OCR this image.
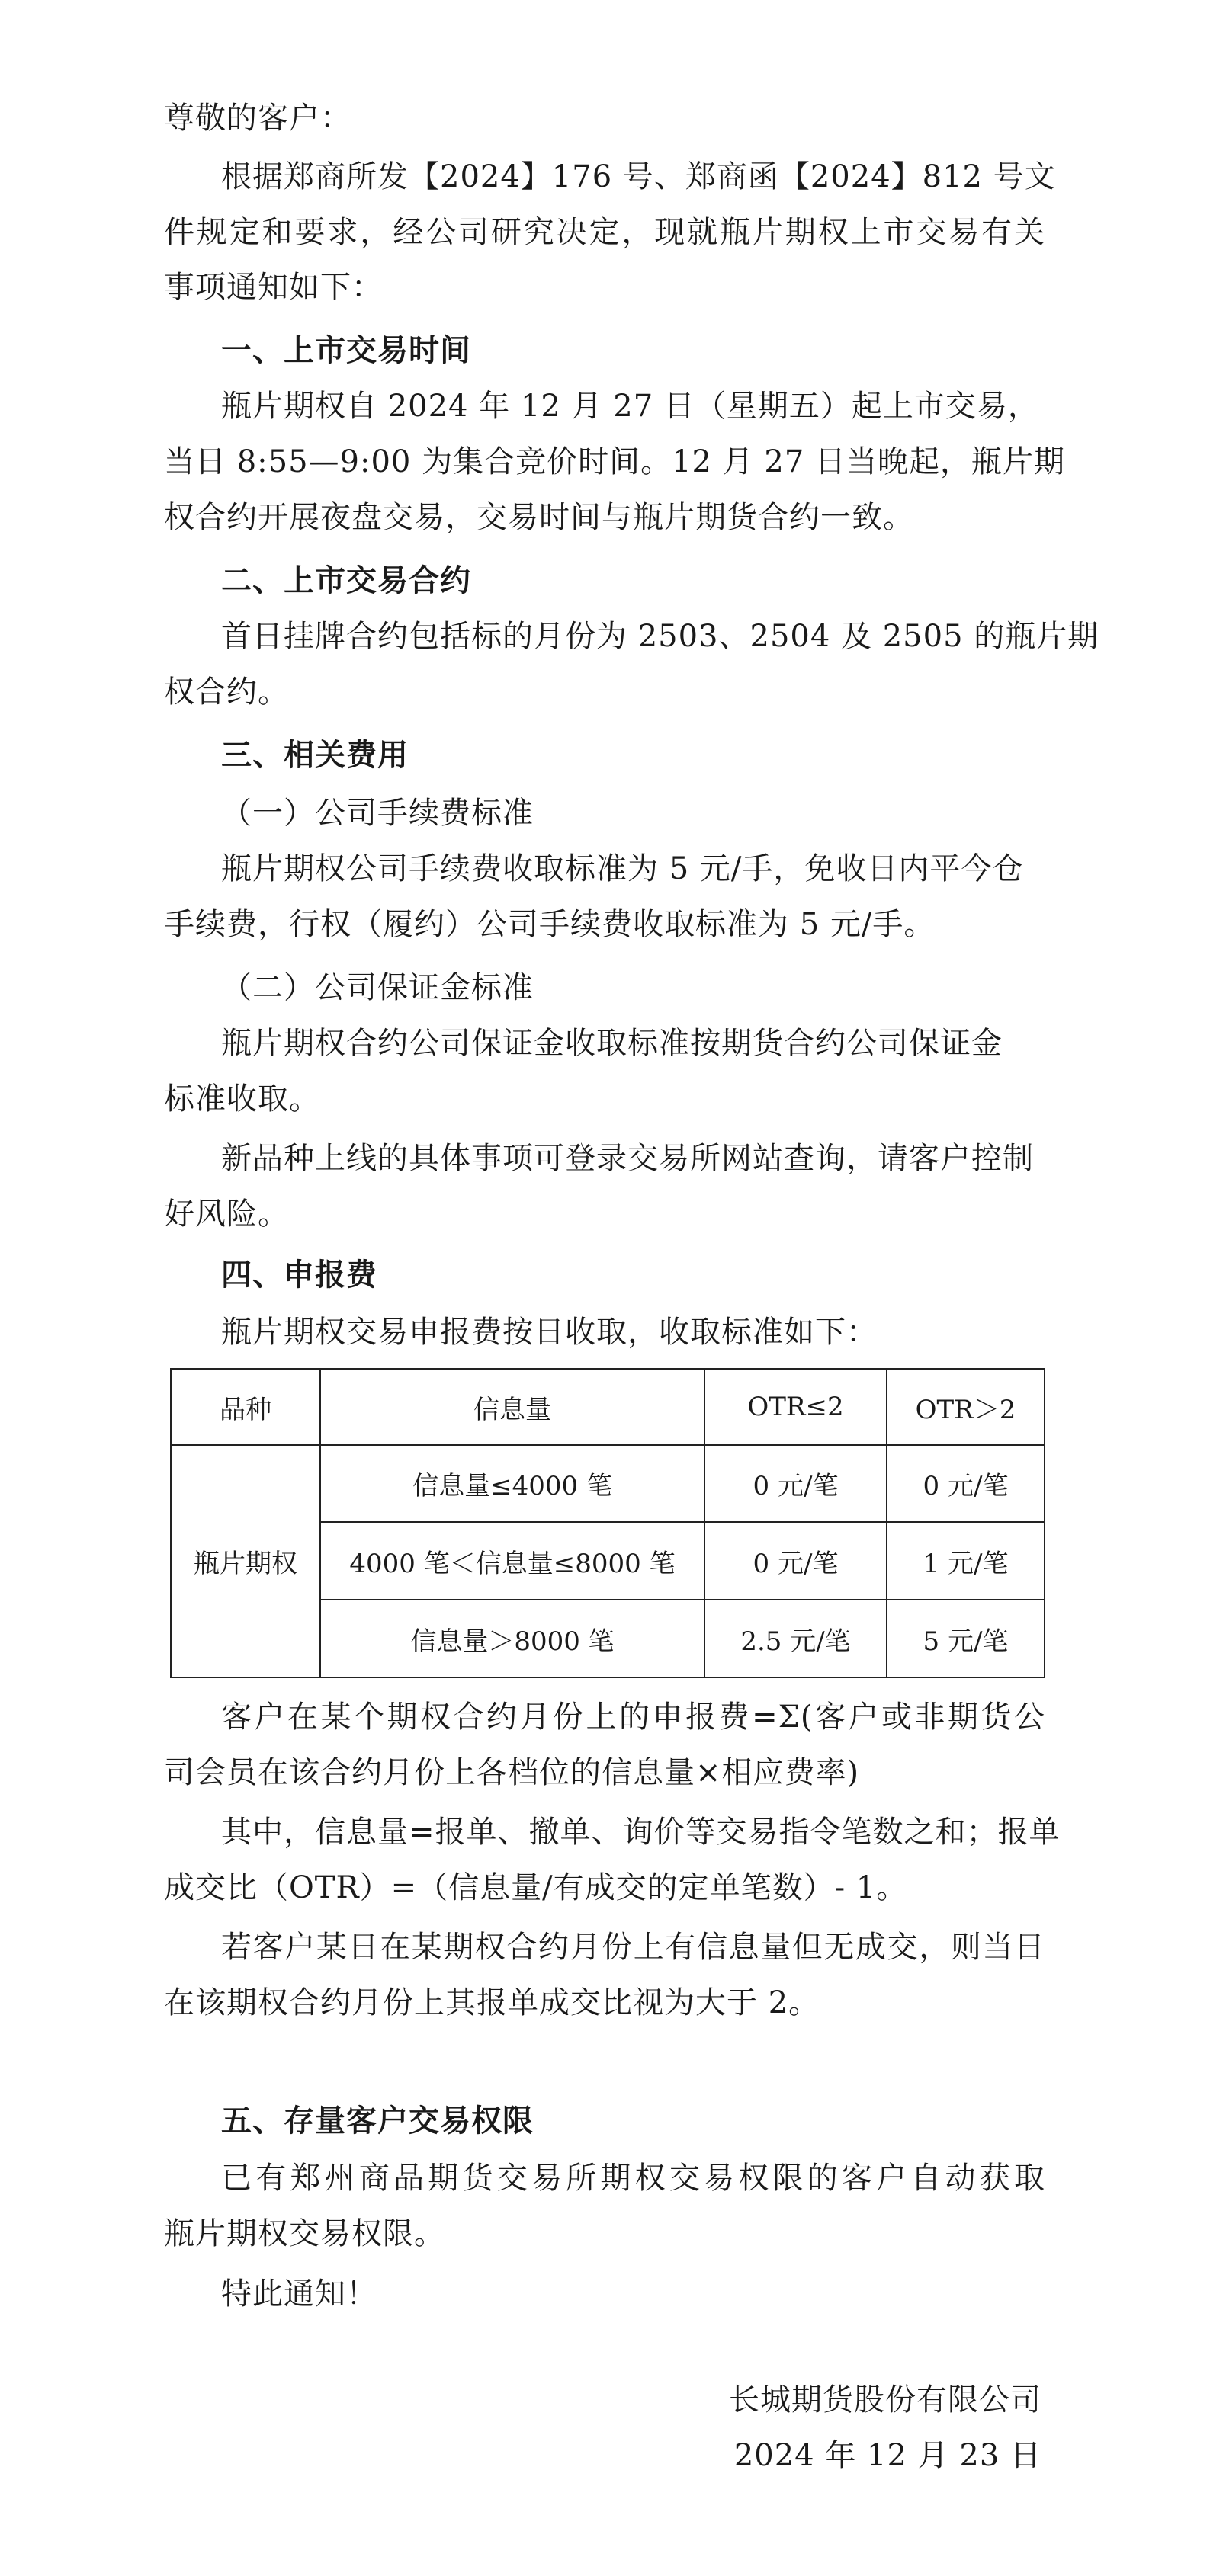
尊敬的客户：
根据郑商所发【2024】176 号、郑商函【2024】812 号文
件规定和要求，经公司研究决定，现就瓶片期权上市交易有关
事项通知如下：
一、上市交易时间
瓶片期权自 2024 年 12 月 27 日（星期五）起上市交易，
当日 8:55—9:00 为集合竞价时间。12 月 27 日当晚起，瓶片期
权合约开展夜盘交易，交易时间与瓶片期货合约一致。
二、上市交易合约
首日挂牌合约包括标的月份为 2503、2504 及 2505 的瓶片期
权合约。
三、相关费用
（一）公司手续费标准
瓶片期权公司手续费收取标准为 5 元/手，免收日内平今仓
手续费，行权（履约）公司手续费收取标准为 5 元/手。
（二）公司保证金标准
瓶片期权合约公司保证金收取标准按期货合约公司保证金
标准收取。
新品种上线的具体事项可登录交易所网站查询，请客户控制
好风险。
四、申报费
瓶片期权交易申报费按日收取，收取标准如下：
品种	信息量	OTR≤2	OTR＞2
瓶片期权	信息量≤4000 笔	0 元/笔	0 元/笔
	4000 笔＜信息量≤8000 笔	0 元/笔	1 元/笔
	信息量＞8000 笔	2.5 元/笔	5 元/笔
客户在某个期权合约月份上的申报费=Σ(客户或非期货公
司会员在该合约月份上各档位的信息量×相应费率)
其中，信息量=报单、撤单、询价等交易指令笔数之和；报单
成交比（OTR）=（信息量/有成交的定单笔数）- 1。
若客户某日在某期权合约月份上有信息量但无成交，则当日
在该期权合约月份上其报单成交比视为大于 2。
五、存量客户交易权限
已有郑州商品期货交易所期权交易权限的客户自动获取
瓶片期权交易权限。
特此通知！
长城期货股份有限公司
2024 年 12 月 23 日
